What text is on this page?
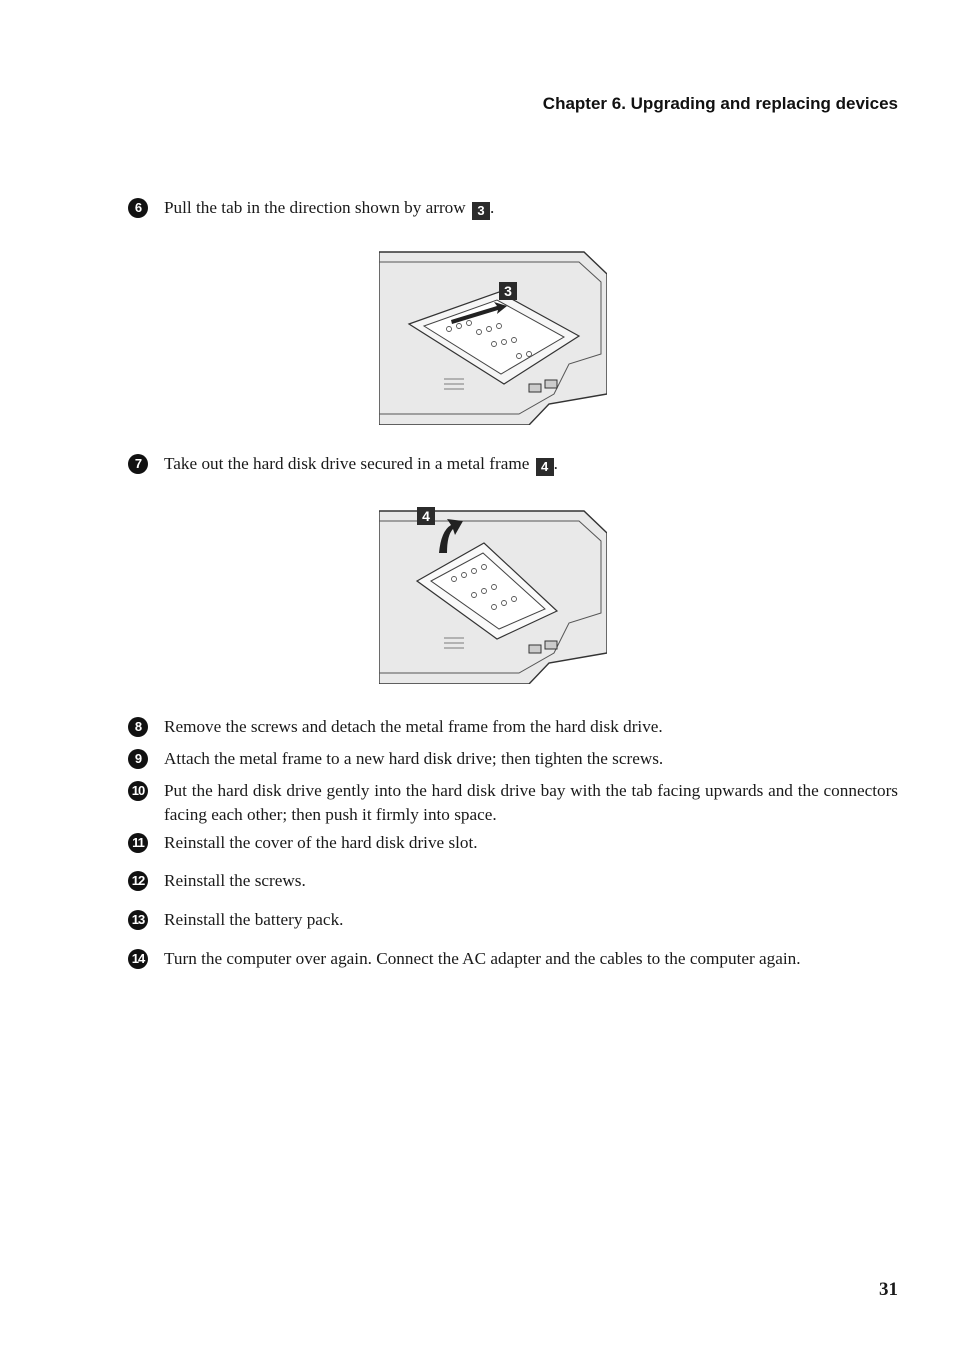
Chapter 6. Upgrading and replacing devices
6	Pull the tab in the direction shown by arrow 3 .
3
7	Take out the hard disk drive secured in a metal frame 4 .
4
8	Remove the screws and detach the metal frame from the hard disk drive.
9	Attach the metal frame to a new hard disk drive; then tighten the screws.
10 Put the hard disk drive gently into the hard disk drive bay with the tab facing upwards and the connectors facing each other; then push it firmly into space.
11 Reinstall the cover of the hard disk drive slot.
12 Reinstall the screws.
13 Reinstall the battery pack.
14 Turn the computer over again. Connect the AC adapter and the cables to the computer again.
31
